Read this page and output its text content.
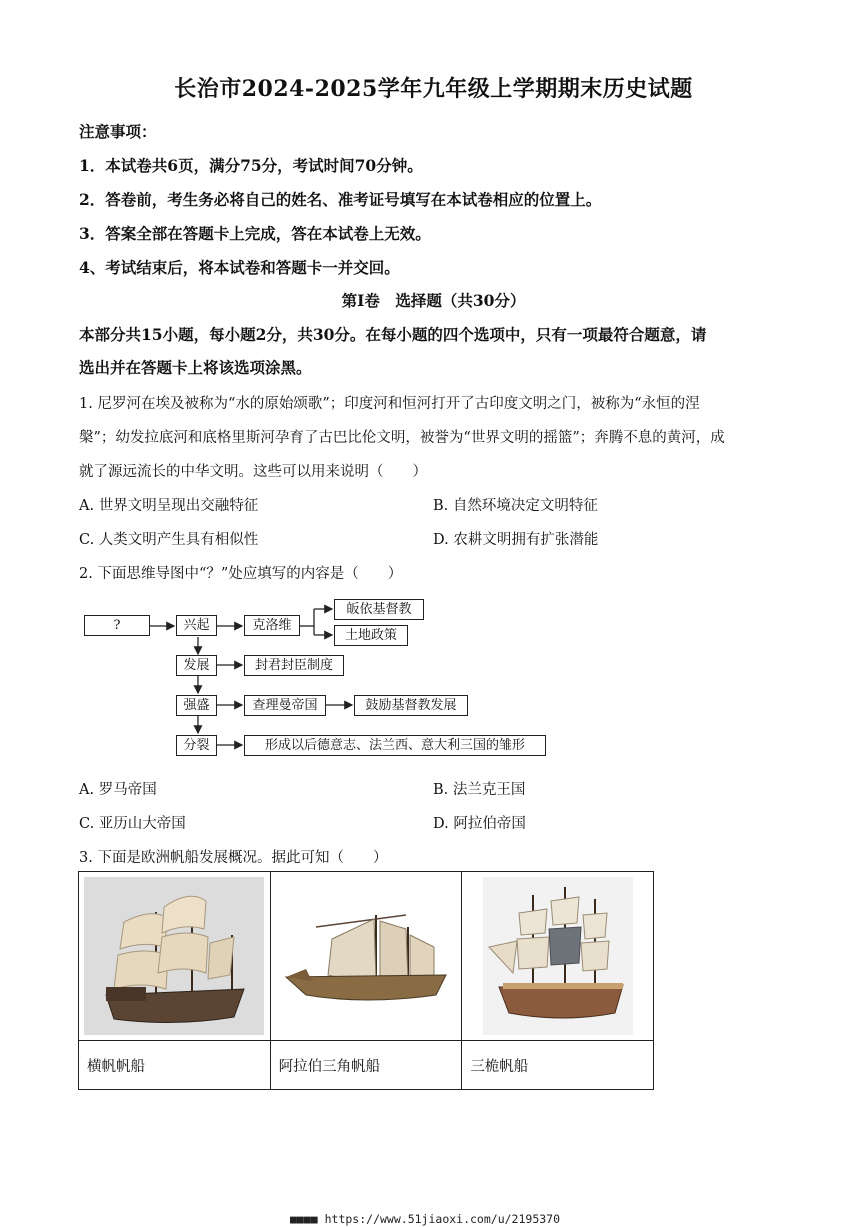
长治市2024-2025学年九年级上学期期末历史试题
注意事项：
1．本试卷共6页，满分75分，考试时间70分钟。
2．答卷前，考生务必将自己的姓名、准考证号填写在本试卷相应的位置上。
3．答案全部在答题卡上完成，答在本试卷上无效。
4、考试结束后，将本试卷和答题卡一并交回。
第Ⅰ卷　选择题（共30分）
本部分共15小题，每小题2分，共30分。在每小题的四个选项中，只有一项最符合题意，请
选出并在答题卡上将该选项涂黑。
1. 尼罗河在埃及被称为“水的原始颂歌”；印度河和恒河打开了古印度文明之门，被称为“永恒的涅
槃”；幼发拉底河和底格里斯河孕育了古巴比伦文明，被誉为“世界文明的摇篮”；奔腾不息的黄河，成
就了源远流长的中华文明。这些可以用来说明（　　）
A. 世界文明呈现出交融特征	B. 自然环境决定文明特征
C. 人类文明产生具有相似性	D. 农耕文明拥有扩张潜能
2. 下面思维导图中“？”处应填写的内容是（　　）
?	兴起	克洛维
皈依基督教
土地政策
发展	封君封臣制度
强盛	查理曼帝国	鼓励基督教发展
分裂	形成以后德意志、法兰西、意大利三国的雏形
A. 罗马帝国	B. 法兰克王国
C. 亚历山大帝国	D. 阿拉伯帝国
3. 下面是欧洲帆船发展概况。据此可知（　　）

横帆帆船	阿拉伯三角帆船	三桅帆船
■■■■ https://www.51jiaoxi.com/u/2195370
